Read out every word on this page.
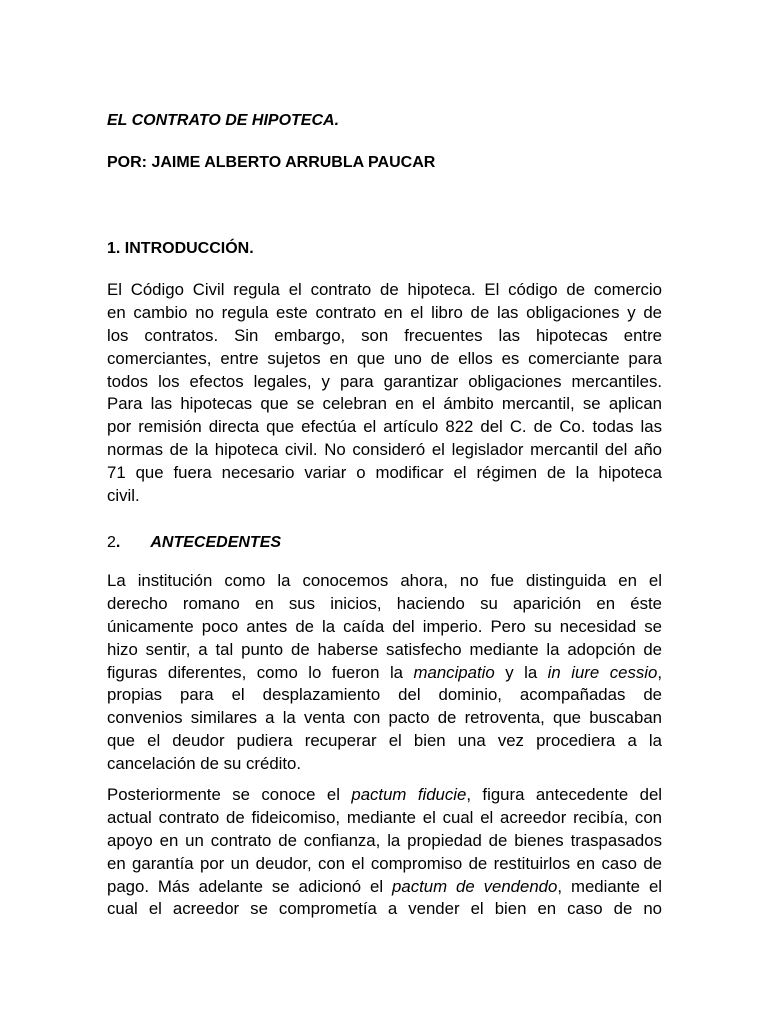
EL CONTRATO DE HIPOTECA.
POR: JAIME ALBERTO ARRUBLA PAUCAR
1. INTRODUCCIÓN.
El Código Civil regula el contrato de hipoteca. El código de comercio
en cambio no regula este contrato en el libro de las obligaciones y de
los contratos. Sin embargo, son frecuentes las hipotecas entre
comerciantes, entre sujetos en que uno de ellos es comerciante para
todos los efectos legales, y para garantizar obligaciones mercantiles.
Para las hipotecas que se celebran en el ámbito mercantil, se aplican
por remisión directa que efectúa el artículo 822 del C. de Co. todas las
normas de la hipoteca civil. No consideró el legislador mercantil del año
71 que fuera necesario variar o modificar el régimen de la hipoteca
civil.
2. ANTECEDENTES
La institución como la conocemos ahora, no fue distinguida en el
derecho romano en sus inicios, haciendo su aparición en éste
únicamente poco antes de la caída del imperio. Pero su necesidad se
hizo sentir, a tal punto de haberse satisfecho mediante la adopción de
figuras diferentes, como lo fueron la mancipatio y la in iure cessio,
propias para el desplazamiento del dominio, acompañadas de
convenios similares a la venta con pacto de retroventa, que buscaban
que el deudor pudiera recuperar el bien una vez procediera a la
cancelación de su crédito.
Posteriormente se conoce el pactum fiducie, figura antecedente del
actual contrato de fideicomiso, mediante el cual el acreedor recibía, con
apoyo en un contrato de confianza, la propiedad de bienes traspasados
en garantía por un deudor, con el compromiso de restituirlos en caso de
pago. Más adelante se adicionó el pactum de vendendo, mediante el
cual el acreedor se comprometía a vender el bien en caso de no
